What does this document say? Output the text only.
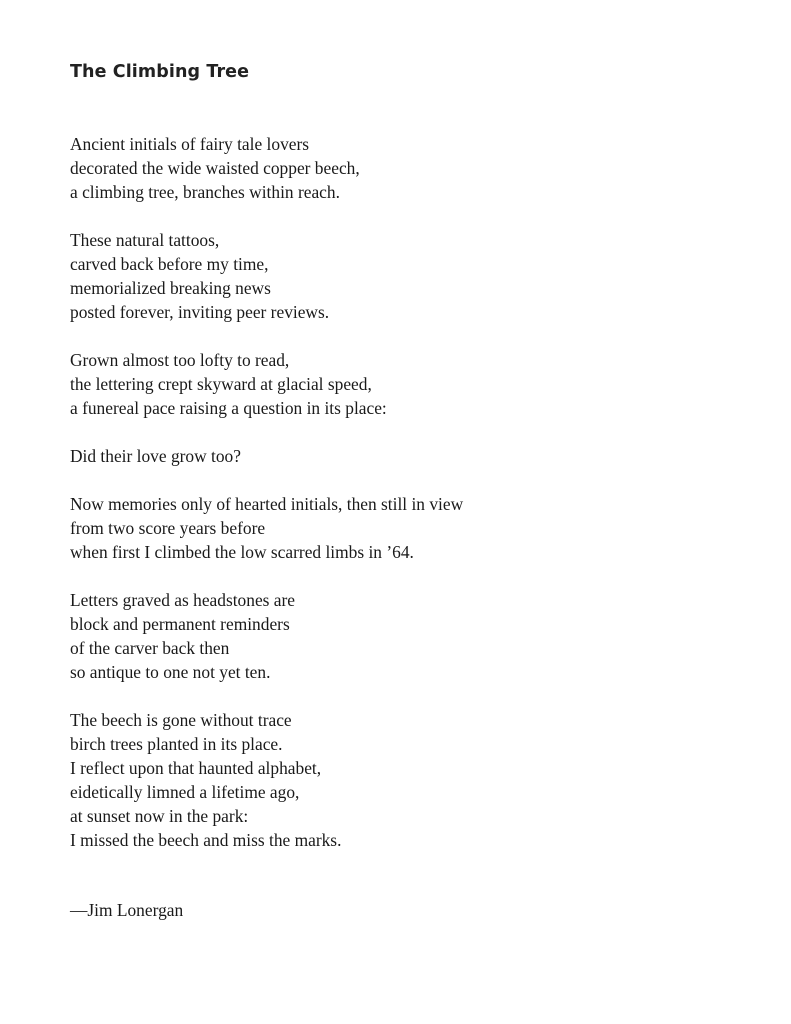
The Climbing Tree
Ancient initials of fairy tale lovers
decorated the wide waisted copper beech,
a climbing tree, branches within reach.
These natural tattoos,
carved back before my time,
memorialized breaking news
posted forever, inviting peer reviews.
Grown almost too lofty to read,
the lettering crept skyward at glacial speed,
a funereal pace raising a question in its place:
Did their love grow too?
Now memories only of hearted initials, then still in view
from two score years before
when first I climbed the low scarred limbs in ’64.
Letters graved as headstones are
block and permanent reminders
of the carver back then
so antique to one not yet ten.
The beech is gone without trace
birch trees planted in its place.
I reflect upon that haunted alphabet,
eidetically limned a lifetime ago,
at sunset now in the park:
I missed the beech and miss the marks.

—Jim Lonergan
